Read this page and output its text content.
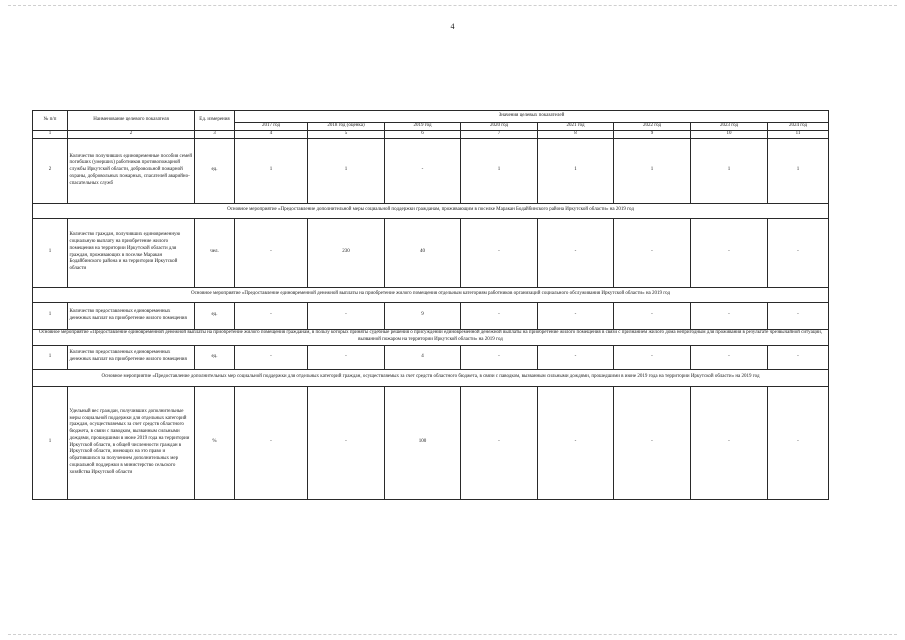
4
№ п/п	Наименование целевого показателя	Ед. измерения	Значения целевых показателей							
			2017 год	2018 год (оценка)	2019 год	2020 год	2021 год	2022 год	2023 год	2024 год
1	2	3	4	5	6	7	8	9	10	11
2	Количество получивших единовременные пособия семей погибших (умерших) работников противопожарной службы Иркутской области, добровольной пожарной охраны, добровольных пожарных, спасателей аварийно-спасательных служб	ед.	1	1	-	1	1	1	1	1
Основное мероприятие «Предоставление дополнительной меры социальной поддержки гражданам, проживающим в поселке Маракан Бодайбинского района Иркутской области» на 2019 год										
1	Количество граждан, получивших единовременную социальную выплату на приобретение жилого помещения на территории Иркутской области для граждан, проживающих в поселке Маракан Бодайбинского района и на территории Иркутской области	чел.	-	230	40	-	-	-	-	-
Основное мероприятие «Предоставление единовременной денежной выплаты на приобретение жилого помещения отдельным категориям работников организаций социального обслуживания Иркутской области» на 2019 год										
1	Количество предоставленных единовременных денежных выплат на приобретение жилого помещения	ед.	-	-	9	-	-	-	-	-
Основное мероприятие «Предоставление единовременной денежной выплаты на приобретение жилого помещения гражданам, в пользу которых приняты судебные решения о присуждении единовременной денежной выплаты на приобретение жилого помещения в связи с признанием жилого дома непригодным для проживания в результате чрезвычайной ситуации, вызванной пожаром на территории Иркутской области» на 2019 год										
1	Количество предоставленных единовременных денежных выплат на приобретение жилого помещения	ед.	-	-	4	-	-	-	-	-
Основное мероприятие «Предоставление дополнительных мер социальной поддержки для отдельных категорий граждан, осуществляемых за счет средств областного бюджета, в связи с паводком, вызванным сильными дождями, прошедшими в июне 2019 года на территории Иркутской области» на 2019 год										
1	Удельный вес граждан, получивших дополнительные меры социальной поддержки для отдельных категорий граждан, осуществляемых за счет средств областного бюджета, в связи с паводком, вызванным сильными дождями, прошедшими в июне 2019 года на территории Иркутской области, в общей численности граждан в Иркутской области, имеющих на это право и обратившихся за получением дополнительных мер социальной поддержки в министерство сельского хозяйства Иркутской области	%	-	-	100	-	-	-	-	-
